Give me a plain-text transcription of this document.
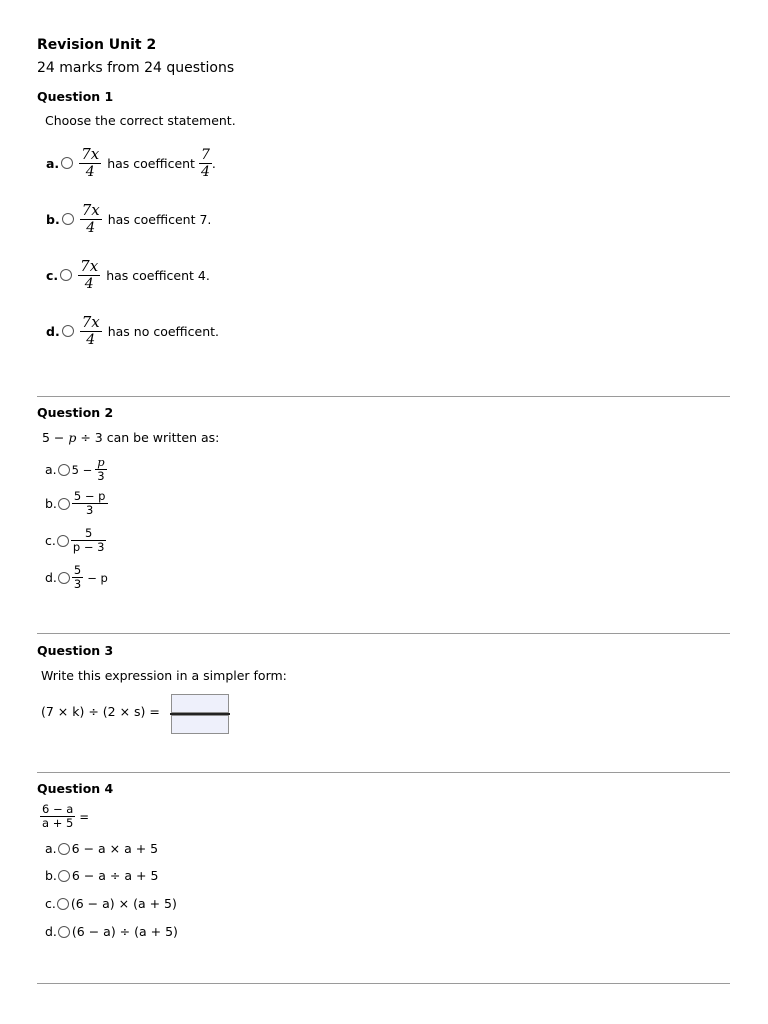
Revision Unit 2
24 marks from 24 questions
Question 1
Choose the correct statement.
a. $\frac{7x}{4}$ has coefficent $\frac{7}{4}$ .
b. $\frac{7x}{4}$ has coefficent 7.
c. $\frac{7x}{4}$ has coefficent 4.
d. $\frac{7x}{4}$ has no coefficent.
Question 2
5 − p ÷ 3 can be written as:
a. $5 - \frac{p}{3}$
b. $\frac{5 - p}{3}$
c. $\frac{5}{p - 3}$
d. $\frac{5}{3} - p$
Question 3
Write this expression in a simpler form:
(7 × k) ÷ (2 × s) =
Question 4
$\frac{6 - a}{a + 5}$ =
a. 6 − a × a + 5
b. 6 − a ÷ a + 5
c. (6 − a) × (a + 5)
d. (6 − a) ÷ (a + 5)
